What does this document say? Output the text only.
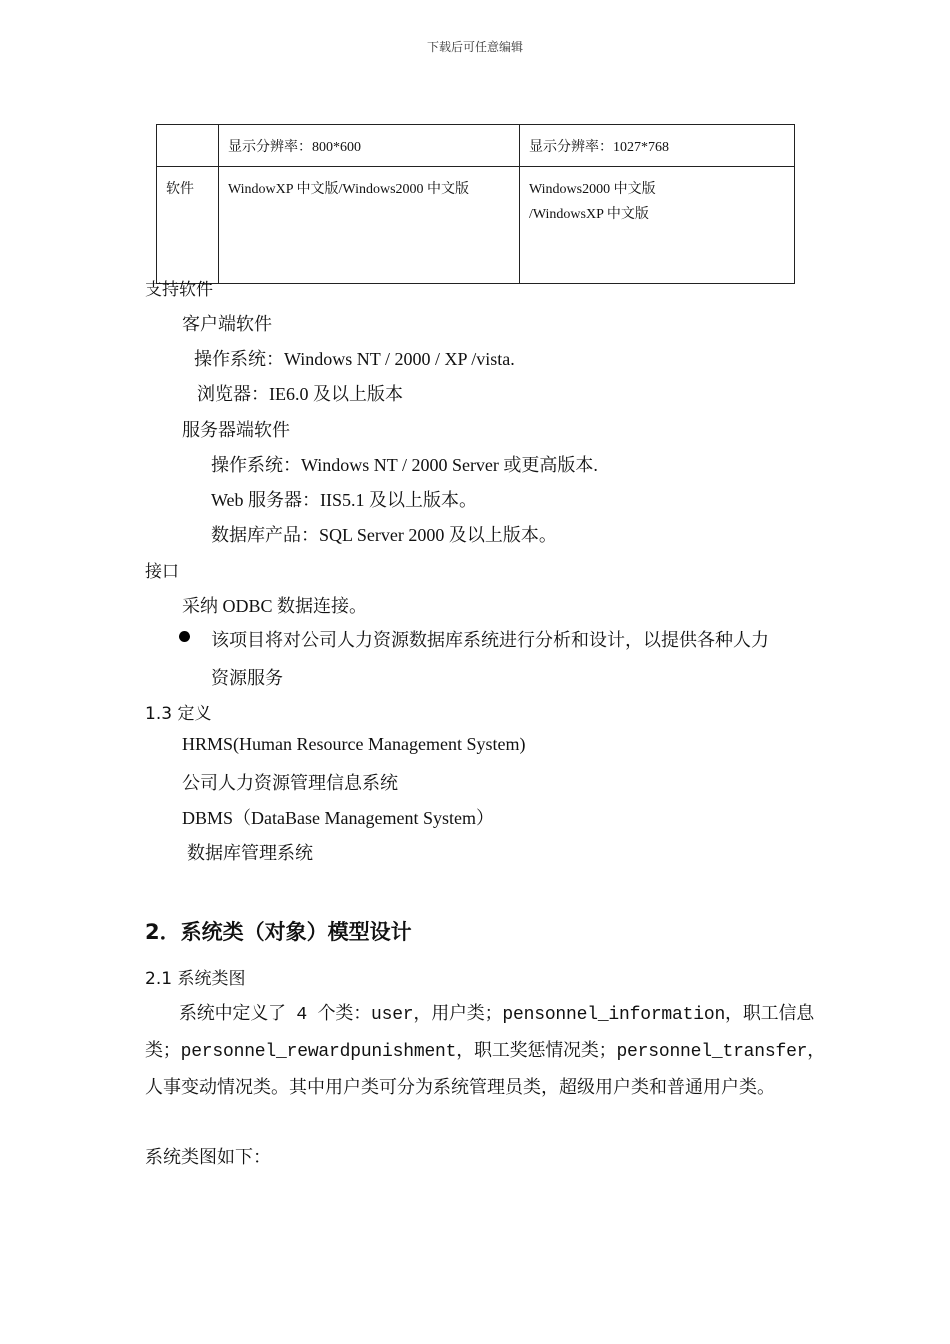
下载后可任意编辑
	显示分辨率：800*600	显示分辨率：1027*768
软件	WindowXP 中文版/Windows2000 中文版	Windows2000 中文版
/WindowsXP 中文版
支持软件
客户端软件
操作系统：Windows NT / 2000 / XP /vista.
浏览器：IE6.0 及以上版本
服务器端软件
操作系统：Windows NT / 2000 Server 或更高版本.
Web 服务器：IIS5.1 及以上版本。
数据库产品：SQL Server 2000 及以上版本。
接口
采纳 ODBC 数据连接。
该项目将对公司人力资源数据库系统进行分析和设计，以提供各种人力
资源服务
1.3 定义
HRMS(Human Resource Management System)
公司人力资源管理信息系统
DBMS（DataBase Management System）
数据库管理系统
2．系统类（对象）模型设计
2.1 系统类图
系统中定义了 4 个类：user，用户类；pensonnel_information，职工信息
类；personnel_rewardpunishment，职工奖惩情况类；personnel_transfer，
人事变动情况类。其中用户类可分为系统管理员类，超级用户类和普通用户类。
系统类图如下：
